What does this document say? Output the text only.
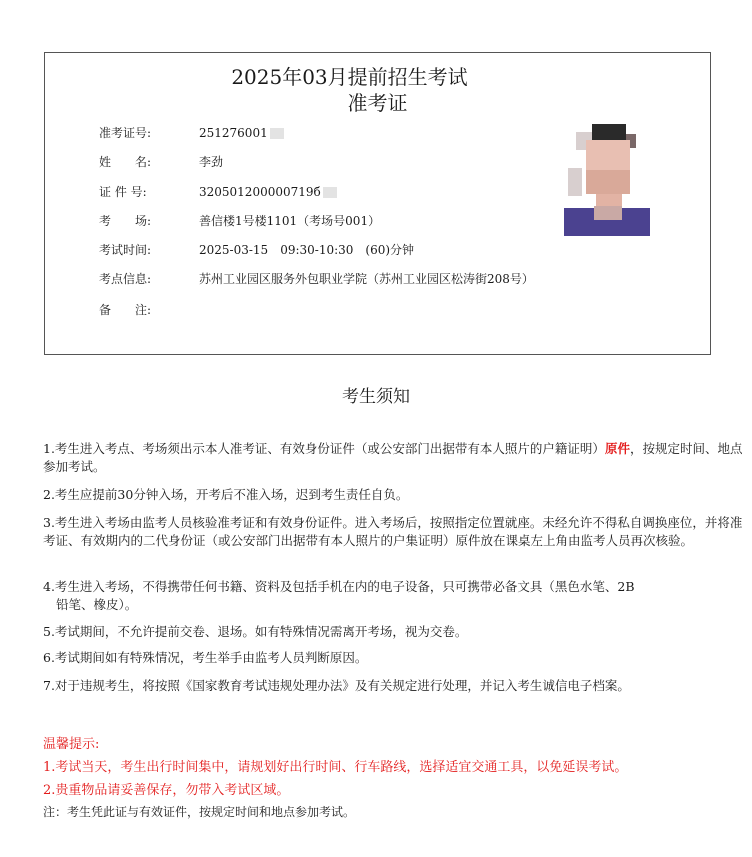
2025年03月提前招生考试
准考证
准考证号:	251276001
姓　　名:	李劲
证 件 号:	320501200000719б
考　　场:	善信楼1号楼1101（考场号001）
考试时间:	2025-03-15　09:30-10:30　(60)分钟
考点信息:	苏州工业园区服务外包职业学院（苏州工业园区松涛街208号）
备　　注:
考生须知
1.考生进入考点、考场须出示本人准考证、有效身份证件（或公安部门出据带有本人照片的户籍证明）原件，按规定时间、地点参加考试。
2.考生应提前30分钟入场，开考后不准入场，迟到考生责任自负。
3.考生进入考场由监考人员核验准考证和有效身份证件。进入考场后，按照指定位置就座。未经允许不得私自调换座位，并将准考证、有效期内的二代身份证（或公安部门出据带有本人照片的户集证明）原件放在课桌左上角由监考人员再次核验。
4.考生进入考场，不得携带任何书籍、资料及包括手机在内的电子设备，只可携带必备文具（黑色水笔、2B
铅笔、橡皮）。
5.考试期间，不允许提前交卷、退场。如有特殊情况需离开考场，视为交卷。
6.考试期间如有特殊情况，考生举手由监考人员判断原因。
7.对于违规考生，将按照《国家教育考试违规处理办法》及有关规定进行处理，并记入考生诚信电子档案。
温馨提示:
1.考试当天，考生出行时间集中，请规划好出行时间、行车路线，选择适宜交通工具，以免延误考试。
2.贵重物品请妥善保存，勿带入考试区域。
注：考生凭此证与有效证件，按规定时间和地点参加考试。
